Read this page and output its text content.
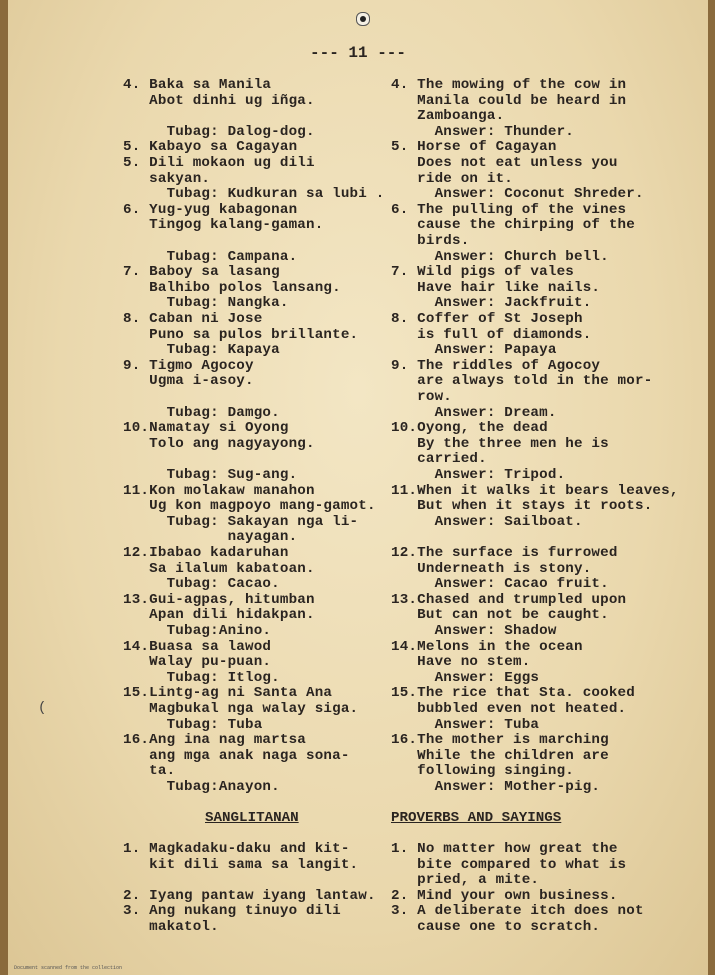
--- 11 ---
4. Baka sa Manila
Abot dinhi ug iñga.
Tubag: Dalog-dog.
5. Kabayo sa Cagayan
5. Dili mokaon ug dili
sakyan.
Tubag: Kudkuran sa lubi .
6. Yug-yug kabagonan
Tingog kalang-gaman.
Tubag: Campana.
7. Baboy sa lasang
Balhibo polos lansang.
Tubag: Nangka.
8. Caban ni Jose
Puno sa pulos brillante.
Tubag: Kapaya
9. Tigmo Agocoy
Ugma i-asoy.
Tubag: Damgo.
10.Namatay si Oyong
Tolo ang nagyayong.
Tubag: Sug-ang.
11.Kon molakaw manahon
Ug kon magpoyo mang-gamot.
Tubag: Sakayan nga li-
nayagan.
12.Ibabao kadaruhan
Sa ilalum kabatoan.
Tubag: Cacao.
13.Gui-agpas, hitumban
Apan dili hidakpan.
Tubag:Anino.
14.Buasa sa lawod
Walay pu-puan.
Tubag: Itlog.
15.Lintg-ag ni Santa Ana
Magbukal nga walay siga.
Tubag: Tuba
16.Ang ina nag martsa
ang mga anak naga sona-
ta.
Tubag:Anayon.
4. The mowing of the cow in
Manila could be heard in
Zamboanga.
Answer: Thunder.
5. Horse of Cagayan
Does not eat unless you
ride on it.
Answer: Coconut Shreder.
6. The pulling of the vines
cause the chirping of the
birds.
Answer: Church bell.
7. Wild pigs of vales
Have hair like nails.
Answer: Jackfruit.
8. Coffer of St Joseph
is full of diamonds.
Answer: Papaya
9. The riddles of Agocoy
are always told in the mor-
row.
Answer: Dream.
10.Oyong, the dead
By the three men he is
carried.
Answer: Tripod.
11.When it walks it bears leaves,
But when it stays it roots.
Answer: Sailboat.
12.The surface is furrowed
Underneath is stony.
Answer: Cacao fruit.
13.Chased and trumpled upon
But can not be caught.
Answer: Shadow
14.Melons in the ocean
Have no stem.
Answer: Eggs
15.The rice that Sta. cooked
bubbled even not heated.
Answer: Tuba
16.The mother is marching
While the children are
following singing.
Answer: Mother-pig.
SANGLITANAN	PROVERBS AND SAYINGS
1. Magkadaku-daku and kit-
kit dili sama sa langit.
2. Iyang pantaw iyang lantaw.
3. Ang nukang tinuyo dili
makatol.
1. No matter how great the
bite compared to what is
pried, a mite.
2. Mind your own business.
3. A deliberate itch does not
cause one to scratch.
(
Document scanned from the collection
